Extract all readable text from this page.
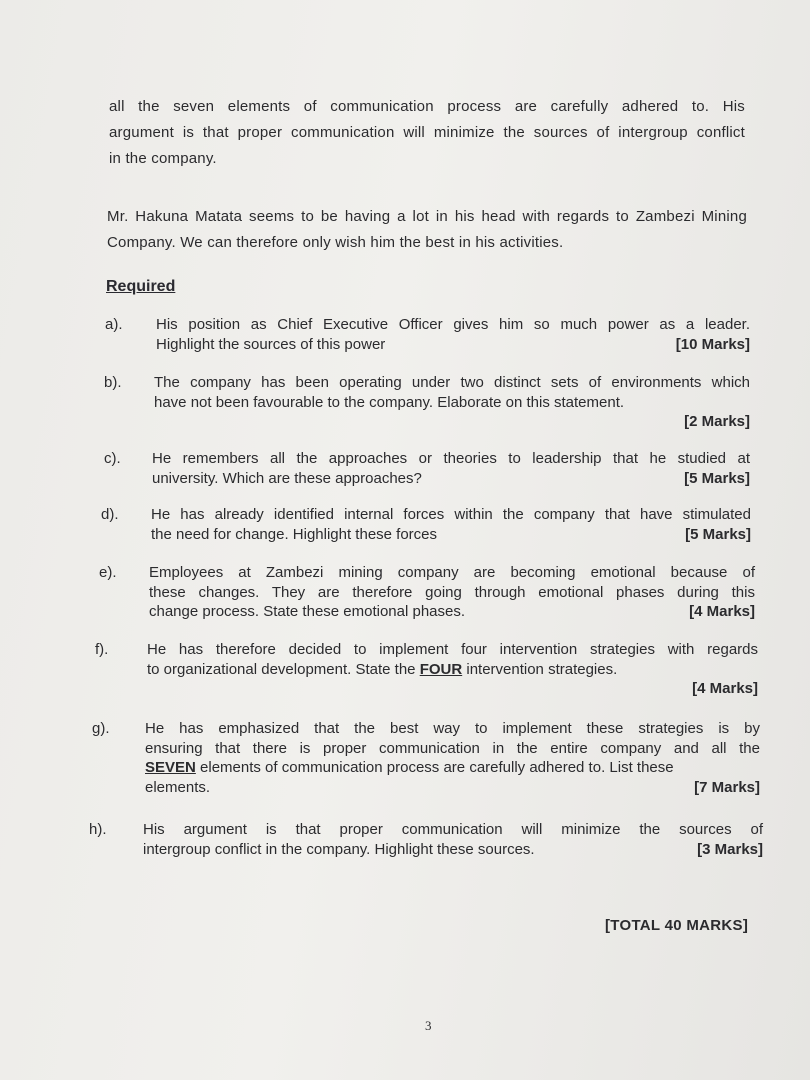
all the seven elements of communication process are carefully adhered to. His
argument is that proper communication will minimize the sources of intergroup conflict
in the company.
Mr. Hakuna Matata seems to be having a lot in his head with regards to Zambezi Mining
Company. We can therefore only wish him the best in his activities.
Required
a). His position as Chief Executive Officer gives him so much power as a leader.
Highlight the sources of this power	[10 Marks]
b). The company has been operating under two distinct sets of environments which
have not been favourable to the company. Elaborate on this statement.
[2 Marks]
c). He remembers all the approaches or theories to leadership that he studied at
university. Which are these approaches?	[5 Marks]
d). He has already identified internal forces within the company that have stimulated
the need for change. Highlight these forces	[5 Marks]
e). Employees at Zambezi mining company are becoming emotional because of
these changes. They are therefore going through emotional phases during this
change process. State these emotional phases.	[4 Marks]
f).	He has therefore decided to implement four intervention strategies with regards
to organizational development. State the FOUR intervention strategies.
[4 Marks]
g). He has emphasized that the best way to implement these strategies is by
ensuring that there is proper communication in the entire company and all the
SEVEN elements of communication process are carefully adhered to. List these
elements.	[7 Marks]
h). His argument is that proper communication will minimize the sources of
intergroup conflict in the company. Highlight these sources.	[3 Marks]
[TOTAL 40 MARKS]
3
